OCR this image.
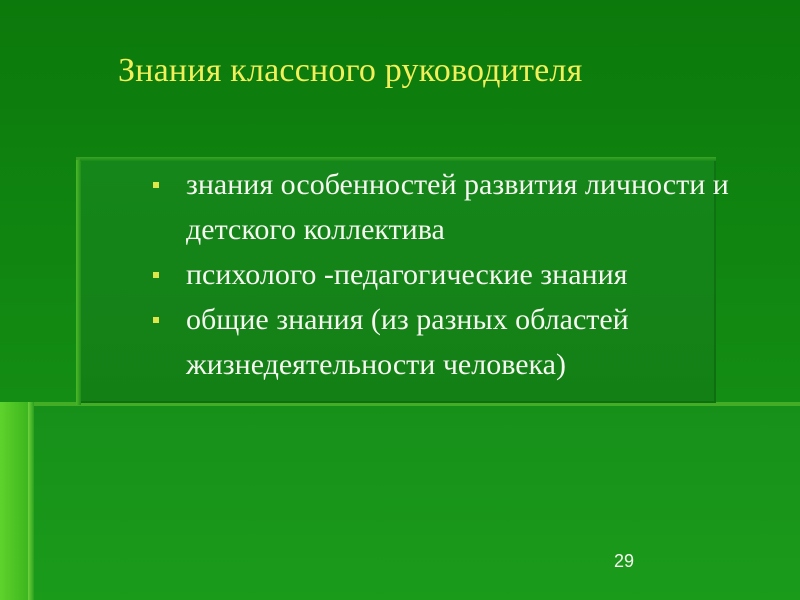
Знания классного руководителя
знания особенностей развития личности и детского коллектива
психолого -педагогические знания
общие знания (из разных областей жизнедеятельности человека)
29
